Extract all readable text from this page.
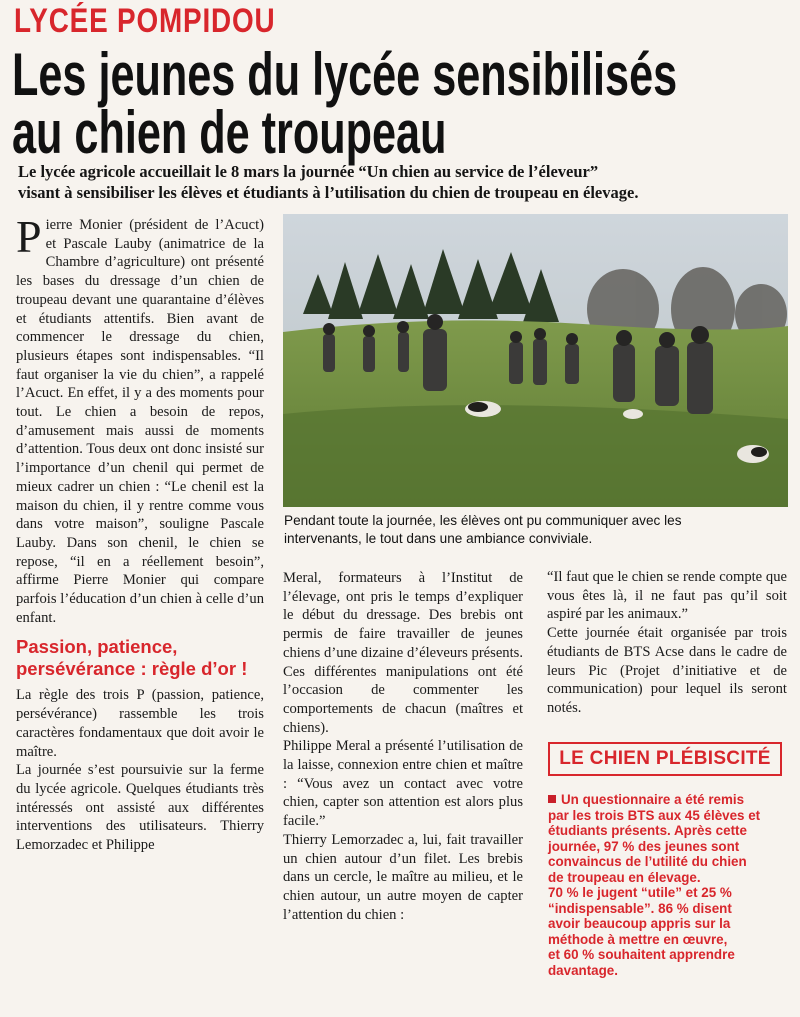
LYCÉE POMPIDOU
Les jeunes du lycée sensibilisés
au chien de troupeau
Le lycée agricole accueillait le 8 mars la journée “Un chien au service de l’éleveur”
visant à sensibiliser les élèves et étudiants à l’utilisation du chien de troupeau en élevage.

Pierre Monier (président de l’Acuct) et Pascale Lauby (animatrice de la Chambre d’agriculture) ont présenté les bases du dressage d’un chien de troupeau devant une quarantaine d’élèves et étudiants attentifs. Bien avant de commencer le dressage du chien, plusieurs étapes sont indispensables. “Il faut organiser la vie du chien”, a rappelé l’Acuct. En effet, il y a des moments pour tout. Le chien a besoin de repos, d’amusement mais aussi de moments d’attention. Tous deux ont donc insisté sur l’importance d’un chenil qui permet de mieux cadrer un chien : “Le chenil est la maison du chien, il y rentre comme vous dans votre maison”, souligne Pascale Lauby. Dans son chenil, le chien se repose, “il en a réellement besoin”, affirme Pierre Monier qui compare parfois l’éducation d’un chien à celle d’un enfant.

Passion, patience,
persévérance : règle d’or !

La règle des trois P (passion, patience, persévérance) rassemble les trois caractères fondamentaux que doit avoir le maître.

La journée s’est poursuivie sur la ferme du lycée agricole. Quelques étudiants très intéressés ont assisté aux différentes interventions des utilisateurs. Thierry Lemorzadec et Philippe

Pendant toute la journée, les élèves ont pu communiquer avec les
intervenants, le tout dans une ambiance conviviale.

Meral, formateurs à l’Institut de l’élevage, ont pris le temps d’expliquer le début du dressage. Des brebis ont permis de faire travailler de jeunes chiens d’une dizaine d’éleveurs présents. Ces différentes manipulations ont été l’occasion de commenter les comportements de chacun (maîtres et chiens).

Philippe Meral a présenté l’utilisation de la laisse, connexion entre chien et maître : “Vous avez un contact avec votre chien, capter son attention est alors plus facile.”

Thierry Lemorzadec a, lui, fait travailler un chien autour d’un filet. Les brebis dans un cercle, le maître au milieu, et le chien autour, un autre moyen de capter l’attention du chien :

“Il faut que le chien se rende compte que vous êtes là, il ne faut pas qu’il soit aspiré par les animaux.”

Cette journée était organisée par trois étudiants de BTS Acse dans le cadre de leurs Pic (Projet d’initiative et de communication) pour lequel ils seront notés.

LE CHIEN PLÉBISCITÉ
Un questionnaire a été remis
par les trois BTS aux 45 élèves et
étudiants présents. Après cette
journée, 97 % des jeunes sont
convaincus de l’utilité du chien
de troupeau en élevage.
70 % le jugent “utile” et 25 %
“indispensable”. 86 % disent
avoir beaucoup appris sur la
méthode à mettre en œuvre,
et 60 % souhaitent apprendre
davantage.
